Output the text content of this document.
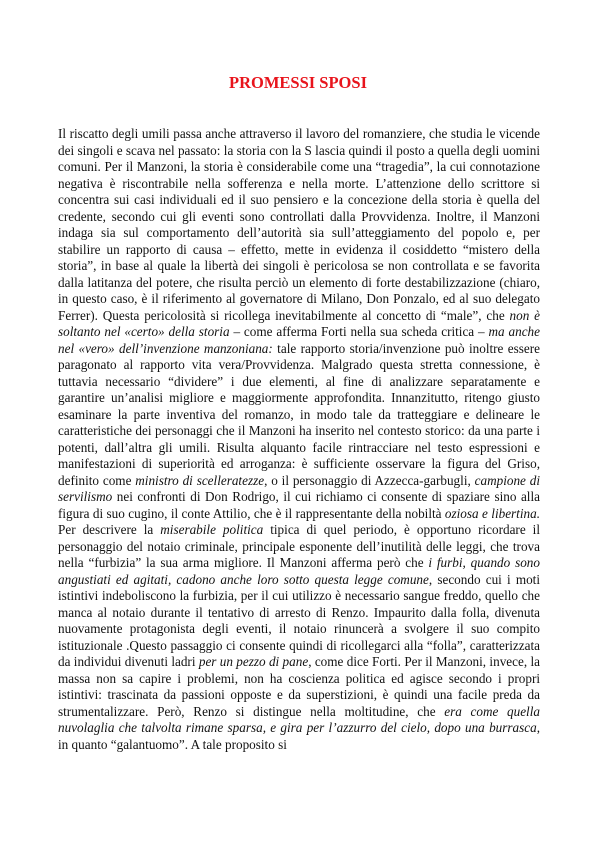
PROMESSI SPOSI

Il riscatto degli umili passa anche attraverso il lavoro del romanziere, che studia le vicende dei singoli e scava nel passato: la storia con la S lascia quindi il posto a quella degli uomini comuni. Per il Manzoni, la storia è considerabile come una “tragedia”, la cui connotazione negativa è riscontrabile nella sofferenza e nella morte. L’attenzione dello scrittore si concentra sui casi individuali ed il suo pensiero e la concezione della storia è quella del credente, secondo cui gli eventi sono controllati dalla Provvidenza. Inoltre, il Manzoni indaga sia sul comportamento dell’autorità sia sull’atteggiamento del popolo e, per stabilire un rapporto di causa – effetto, mette in evidenza il cosiddetto “mistero della storia”, in base al quale la libertà dei singoli è pericolosa se non controllata e se favorita dalla latitanza del potere, che risulta perciò un elemento di forte destabilizzazione (chiaro, in questo caso, è il riferimento al governatore di Milano, Don Ponzalo, ed al suo delegato Ferrer). Questa pericolosità si ricollega inevitabilmente al concetto di “male”, che non è soltanto nel «certo» della storia – come afferma Forti nella sua scheda critica – ma anche nel «vero» dell’invenzione manzoniana: tale rapporto storia/invenzione può inoltre essere paragonato al rapporto vita vera/Provvidenza. Malgrado questa stretta connessione, è tuttavia necessario “dividere” i due elementi, al fine di analizzare separatamente e garantire un’analisi migliore e maggiormente approfondita. Innanzitutto, ritengo giusto esaminare la parte inventiva del romanzo, in modo tale da tratteggiare e delineare le caratteristiche dei personaggi che il Manzoni ha inserito nel contesto storico: da una parte i potenti, dall’altra gli umili. Risulta alquanto facile rintracciare nel testo espressioni e manifestazioni di superiorità ed arroganza: è sufficiente osservare la figura del Griso, definito come ministro di scelleratezze, o il personaggio di Azzecca-garbugli, campione di servilismo nei confronti di Don Rodrigo, il cui richiamo ci consente di spaziare sino alla figura di suo cugino, il conte Attilio, che è il rappresentante della nobiltà oziosa e libertina. Per descrivere la miserabile politica tipica di quel periodo, è opportuno ricordare il personaggio del notaio criminale, principale esponente dell’inutilità delle leggi, che trova nella “furbizia” la sua arma migliore. Il Manzoni afferma però che i furbi, quando sono angustiati ed agitati, cadono anche loro sotto questa legge comune, secondo cui i moti istintivi indeboliscono la furbizia, per il cui utilizzo è necessario sangue freddo, quello che manca al notaio durante il tentativo di arresto di Renzo. Impaurito dalla folla, divenuta nuovamente protagonista degli eventi, il notaio rinuncerà a svolgere il suo compito istituzionale .Questo passaggio ci consente quindi di ricollegarci alla “folla”, caratterizzata da individui divenuti ladri per un pezzo di pane, come dice Forti. Per il Manzoni, invece, la massa non sa capire i problemi, non ha coscienza politica ed agisce secondo i propri istintivi: trascinata da passioni opposte e da superstizioni, è quindi una facile preda da strumentalizzare. Però, Renzo si distingue nella moltitudine, che era come quella nuvolaglia che talvolta rimane sparsa, e gira per l’azzurro del cielo, dopo una burrasca, in quanto “galantuomo”. A tale proposito si
